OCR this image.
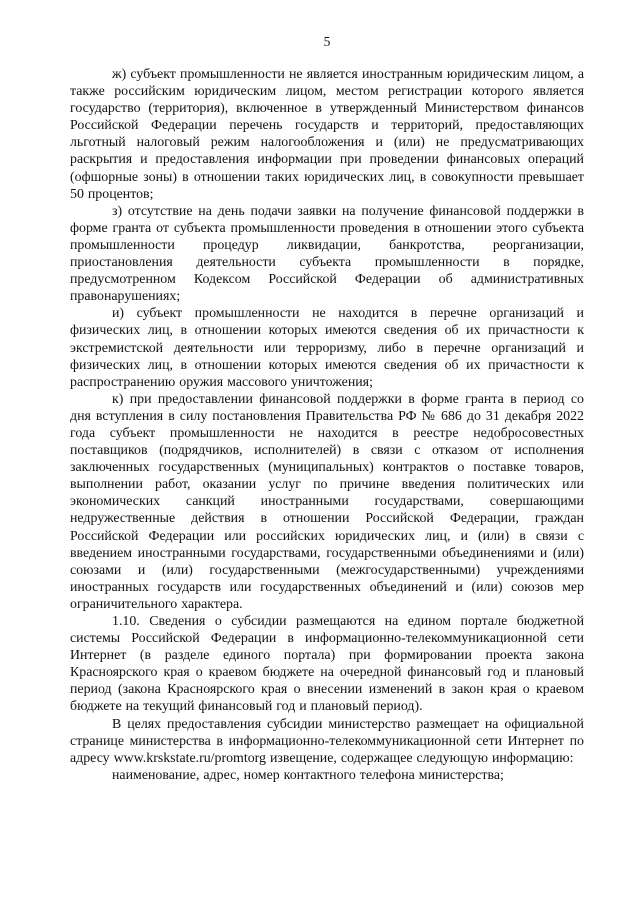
5

ж) субъект промышленности не является иностранным юридическим лицом, а также российским юридическим лицом, местом регистрации которого является государство (территория), включенное в утвержденный Министерством финансов Российской Федерации перечень государств и территорий, предоставляющих льготный налоговый режим налогообложения и (или) не предусматривающих раскрытия и предоставления информации при проведении финансовых операций (офшорные зоны) в отношении таких юридических лиц, в совокупности превышает 50 процентов;

з) отсутствие на день подачи заявки на получение финансовой поддержки в форме гранта от субъекта промышленности проведения в отношении этого субъекта промышленности процедур ликвидации, банкротства, реорганизации, приостановления деятельности субъекта промышленности в порядке, предусмотренном Кодексом Российской Федерации об административных правонарушениях;

и) субъект промышленности не находится в перечне организаций и физических лиц, в отношении которых имеются сведения об их причастности к экстремистской деятельности или терроризму, либо в перечне организаций и физических лиц, в отношении которых имеются сведения об их причастности к распространению оружия массового уничтожения;

к) при предоставлении финансовой поддержки в форме гранта в период со дня вступления в силу постановления Правительства РФ № 686 до 31 декабря 2022 года субъект промышленности не находится в реестре недобросовестных поставщиков (подрядчиков, исполнителей) в связи с отказом от исполнения заключенных государственных (муниципальных) контрактов о поставке товаров, выполнении работ, оказании услуг по причине введения политических или экономических санкций иностранными государствами, совершающими недружественные действия в отношении Российской Федерации, граждан Российской Федерации или российских юридических лиц, и (или) в связи с введением иностранными государствами, государственными объединениями и (или) союзами и (или) государственными (межгосударственными) учреждениями иностранных государств или государственных объединений и (или) союзов мер ограничительного характера.

1.10. Сведения о субсидии размещаются на едином портале бюджетной системы Российской Федерации в информационно-телекоммуникационной сети Интернет (в разделе единого портала) при формировании проекта закона Красноярского края о краевом бюджете на очередной финансовый год и плановый период (закона Красноярского края о внесении изменений в закон края о краевом бюджете на текущий финансовый год и плановый период).

В целях предоставления субсидии министерство размещает на официальной странице министерства в информационно-телекоммуникационной сети Интернет по адресу www.krskstate.ru/promtorg извещение, содержащее следующую информацию:

наименование, адрес, номер контактного телефона министерства;
